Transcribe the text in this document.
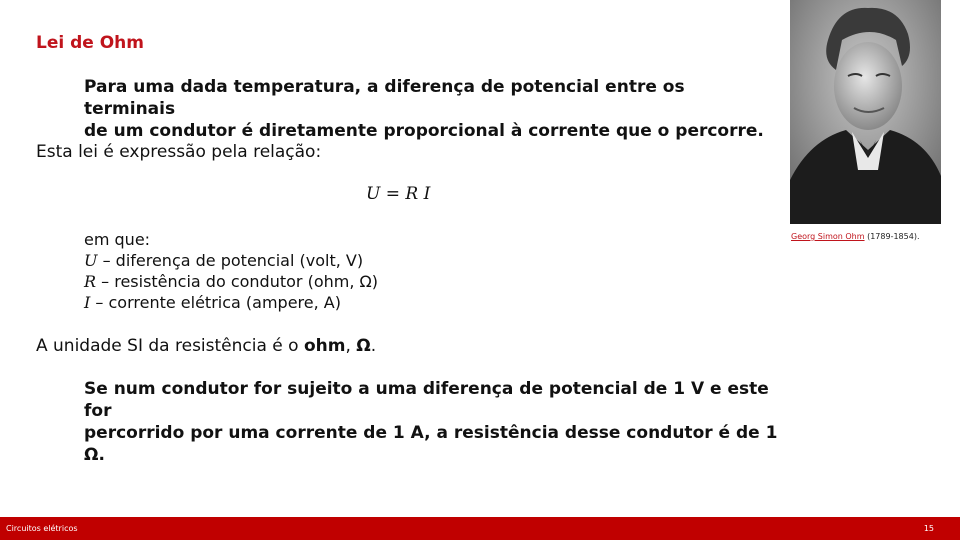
Lei de Ohm
Para uma dada temperatura, a diferença de potencial entre os terminais
de um condutor é diretamente proporcional à corrente que o percorre.
Esta lei é expressão pela relação:
U = R I
em que:
U – diferença de potencial (volt, V)
R – resistência do condutor (ohm, Ω)
I – corrente elétrica (ampere, A)
A unidade SI da resistência é o ohm, Ω.
Se num condutor for sujeito a uma diferença de potencial de 1 V e este for
percorrido por uma corrente de 1 A, a resistência desse condutor é de 1 Ω.
Georg Simon Ohm (1789-1854).
Circuitos elétricos	15
